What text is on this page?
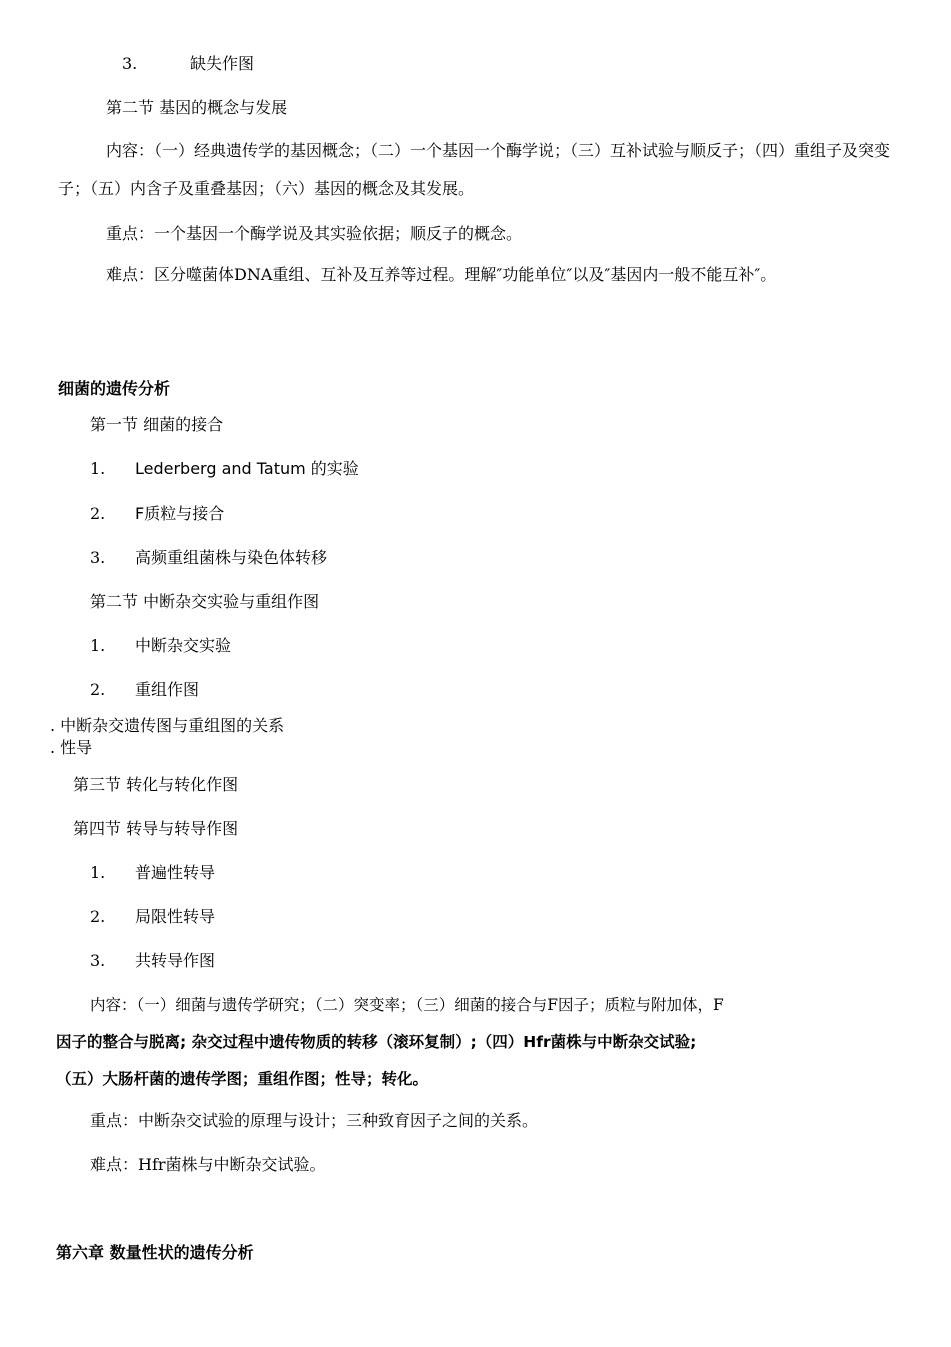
3.	缺失作图
第二节 基因的概念与发展
内容：（一）经典遗传学的基因概念；（二）一个基因一个酶学说；（三）互补试验与顺反子；（四）重组子及突变子；（五）内含子及重叠基因；（六）基因的概念及其发展。
重点：一个基因一个酶学说及其实验依据；顺反子的概念。
难点：区分噬菌体DNA重组、互补及互养等过程。理解″功能单位″以及″基因内一般不能互补″。
细菌的遗传分析
第一节 细菌的接合
1. Lederberg and Tatum 的实验
2. F质粒与接合
3. 高频重组菌株与染色体转移
第二节 中断杂交实验与重组作图
1. 中断杂交实验
2. 重组作图
. 中断杂交遗传图与重组图的关系
. 性导
第三节 转化与转化作图
第四节 转导与转导作图
1. 普遍性转导
2. 局限性转导
3. 共转导作图
内容：（一）细菌与遗传学研究；（二）突变率；（三）细菌的接合与F因子；质粒与附加体，F
因子的整合与脱离; 杂交过程中遗传物质的转移（滚环复制）;（四）Hfr菌株与中断杂交试验;
（五）大肠杆菌的遗传学图；重组作图；性导；转化。
重点：中断杂交试验的原理与设计；三种致育因子之间的关系。
难点：Hfr菌株与中断杂交试验。
第六章 数量性状的遗传分析
